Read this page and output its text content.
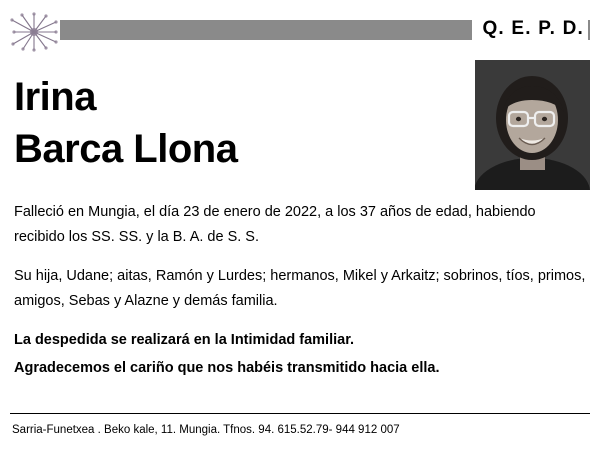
Q. E. P. D.
Irina
Barca Llona
Falleció en Mungia, el día 23 de enero de 2022, a los 37 años de edad, habiendo recibido los SS. SS. y la B. A. de S. S.
Su hija, Udane; aitas, Ramón y Lurdes; hermanos, Mikel y Arkaitz; sobrinos, tíos, primos, amigos, Sebas y Alazne y demás familia.
La despedida se realizará en la Intimidad familiar.
Agradecemos el cariño que nos habéis transmitido hacia ella.
Sarria-Funetxea . Beko kale, 11. Mungia. Tfnos. 94. 615.52.79- 944 912 007
